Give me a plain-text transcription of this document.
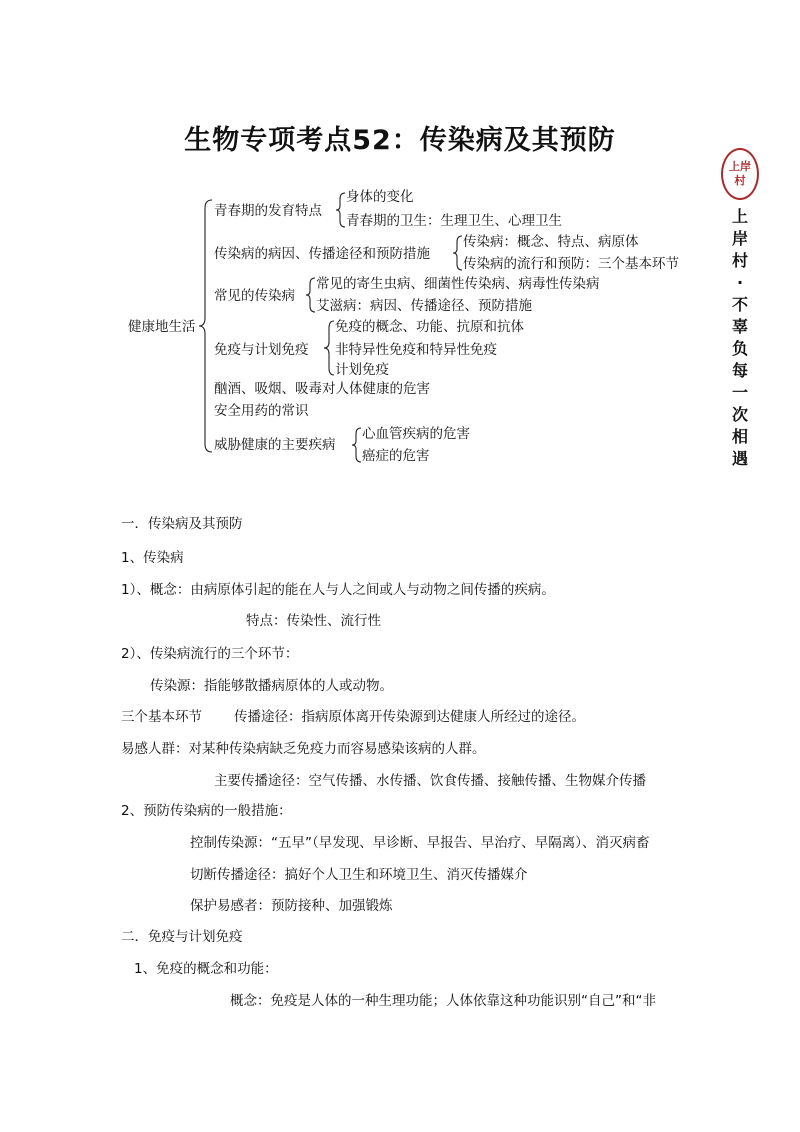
生物专项考点52：传染病及其预防
上岸村
上
岸
村
·
不
辜
负
每
一
次
相
遇
健康地生活
青春期的发育特点
身体的变化
青春期的卫生：生理卫生、心理卫生
传染病的病因、传播途径和预防措施
传染病：概念、特点、病原体
传染病的流行和预防：三个基本环节
常见的传染病
常见的寄生虫病、细菌性传染病、病毒性传染病
艾滋病：病因、传播途径、预防措施
免疫与计划免疫
免疫的概念、功能、抗原和抗体
非特异性免疫和特异性免疫
计划免疫
酗酒、吸烟、吸毒对人体健康的危害
安全用药的常识
威胁健康的主要疾病
心血管疾病的危害
癌症的危害
一．传染病及其预防
1、传染病
1）、概念：由病原体引起的能在人与人之间或人与动物之间传播的疾病。
特点：传染性、流行性
2）、传染病流行的三个环节：
传染源：指能够散播病原体的人或动物。
三个基本环节 传播途径：指病原体离开传染源到达健康人所经过的途径。
易感人群：对某种传染病缺乏免疫力而容易感染该病的人群。
主要传播途径：空气传播、水传播、饮食传播、接触传播、生物媒介传播
2、预防传染病的一般措施：
控制传染源：“五早”（早发现、早诊断、早报告、早治疗、早隔离）、消灭病畜
切断传播途径：搞好个人卫生和环境卫生、消灭传播媒介
保护易感者：预防接种、加强锻炼
二．免疫与计划免疫
1、免疫的概念和功能：
概念：免疫是人体的一种生理功能；人体依靠这种功能识别“自己”和“非
